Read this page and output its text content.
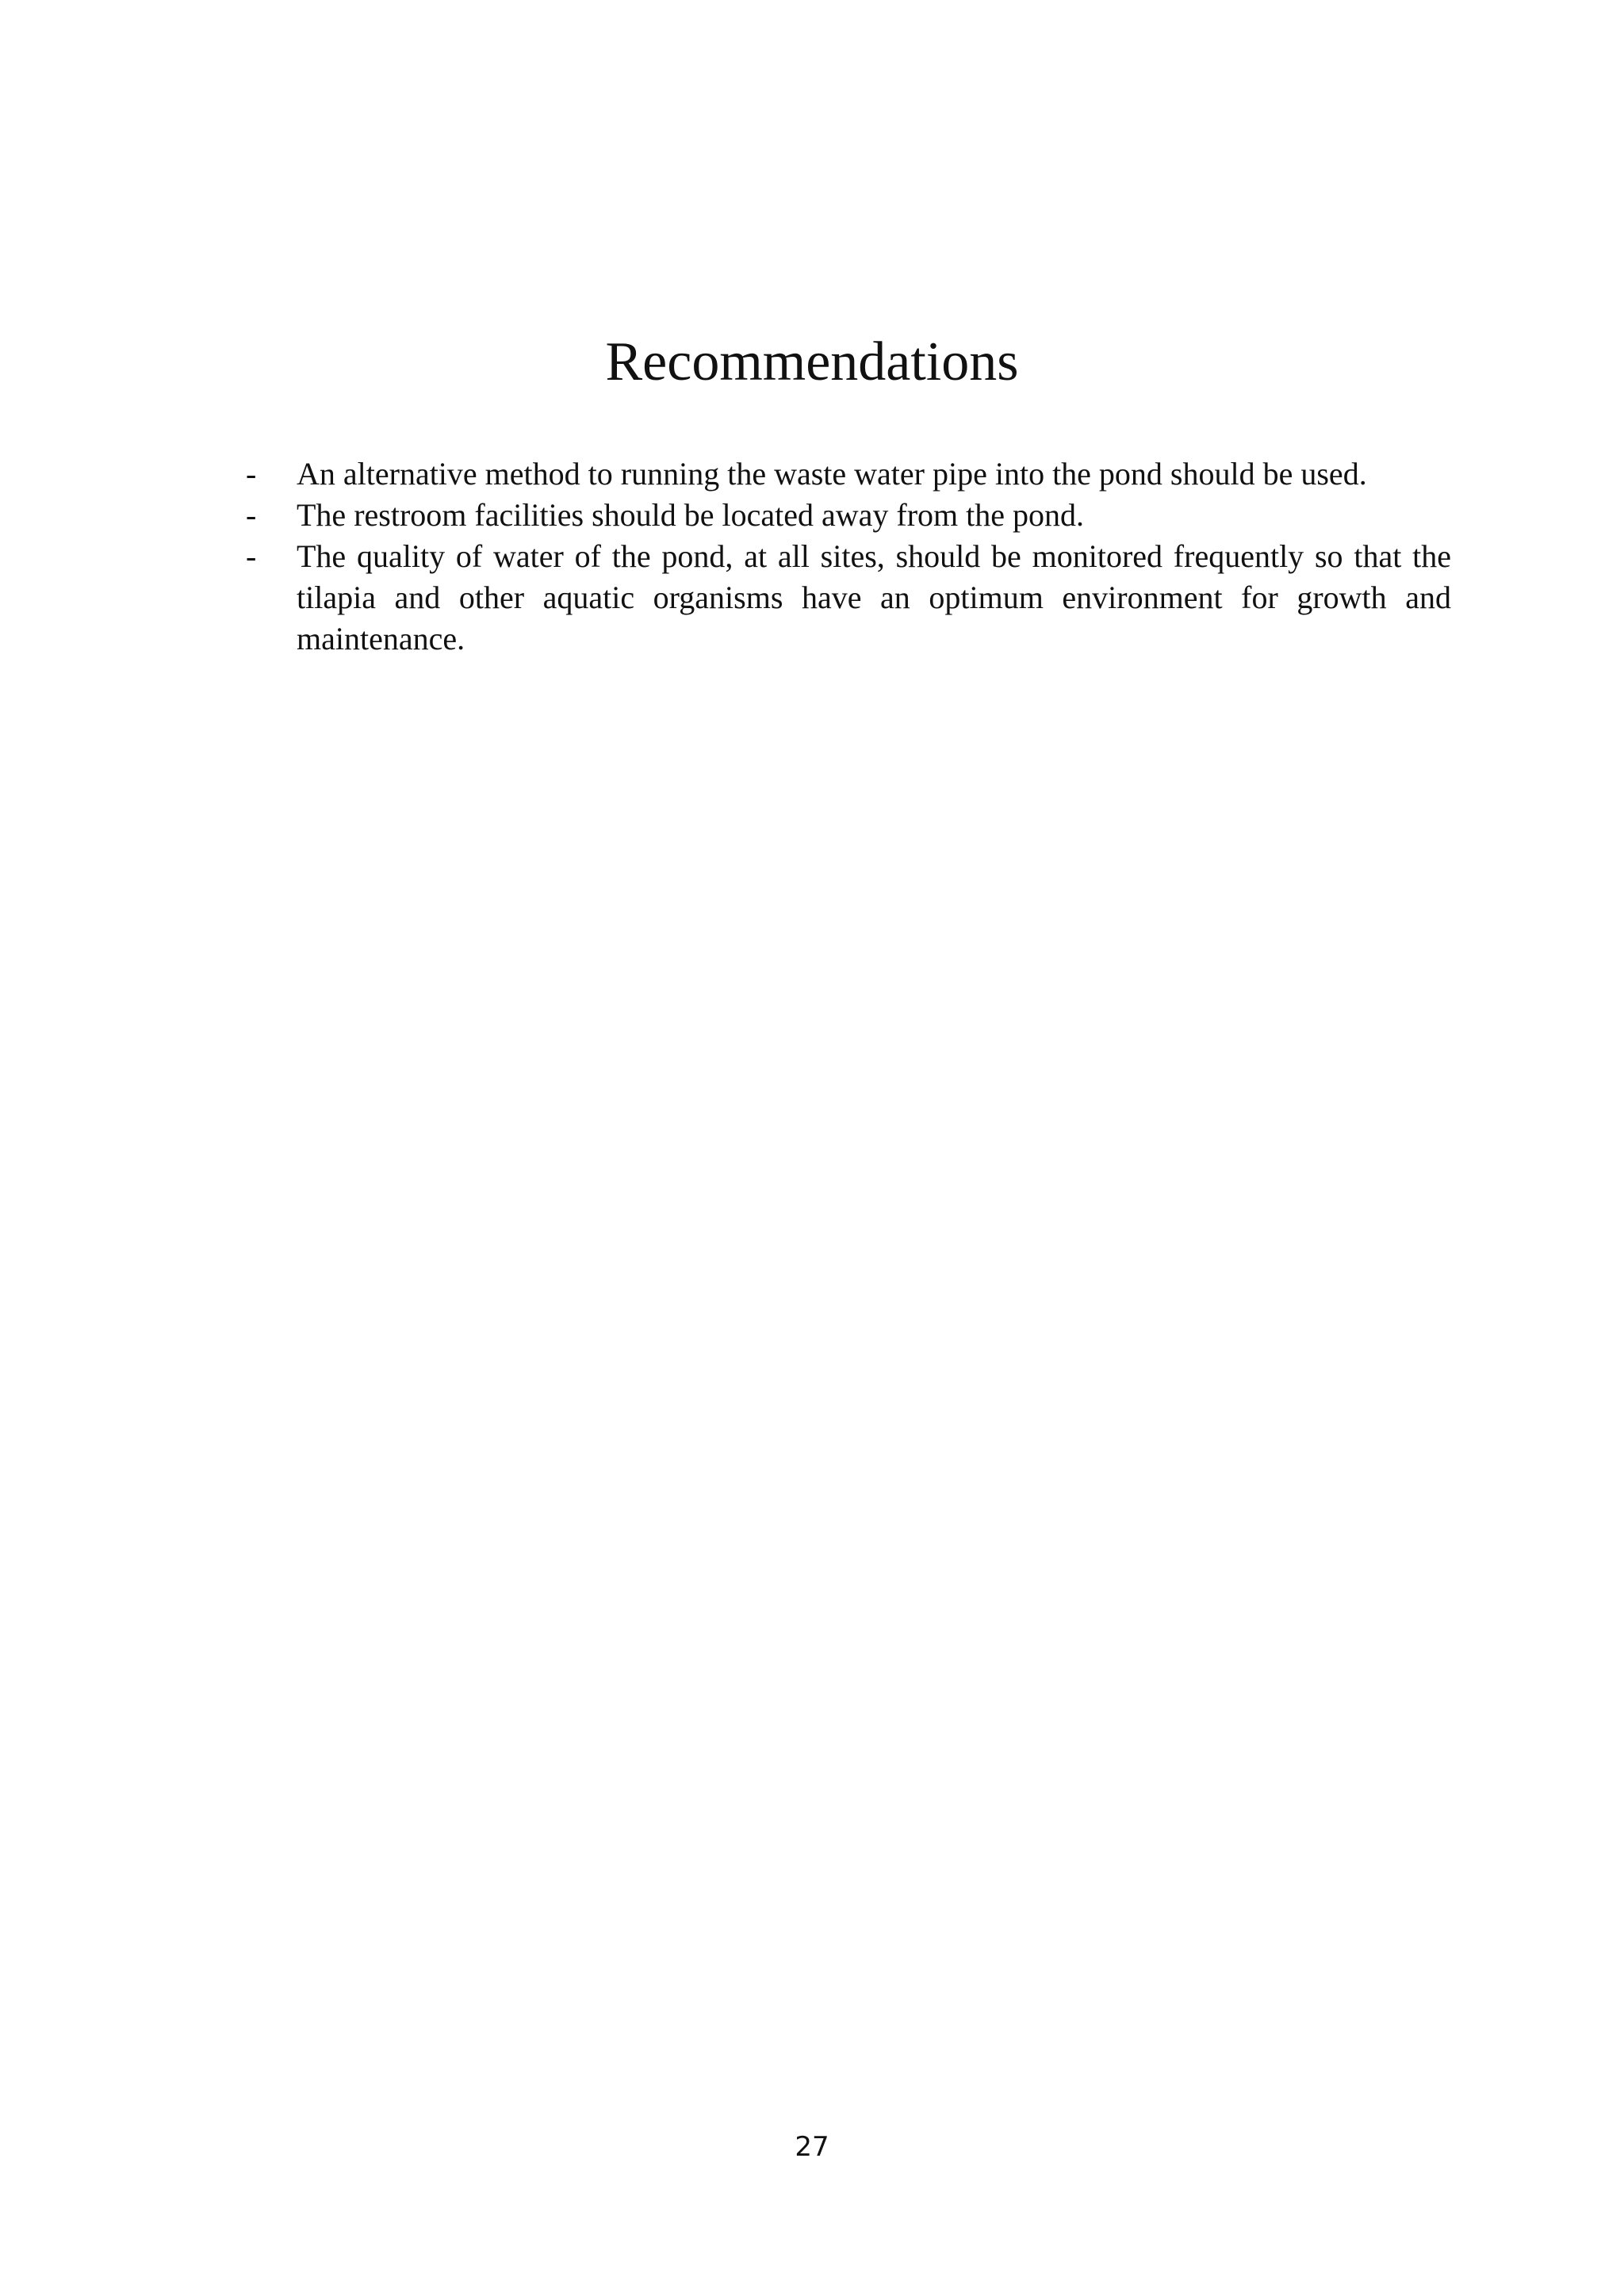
Recommendations
-	An alternative method to running the waste water pipe into the pond should be used.
-	The restroom facilities should be located away from the pond.
-	The quality of water of the pond, at all sites, should be monitored frequently so that the tilapia and other aquatic organisms have an optimum environment for growth and maintenance.
27
